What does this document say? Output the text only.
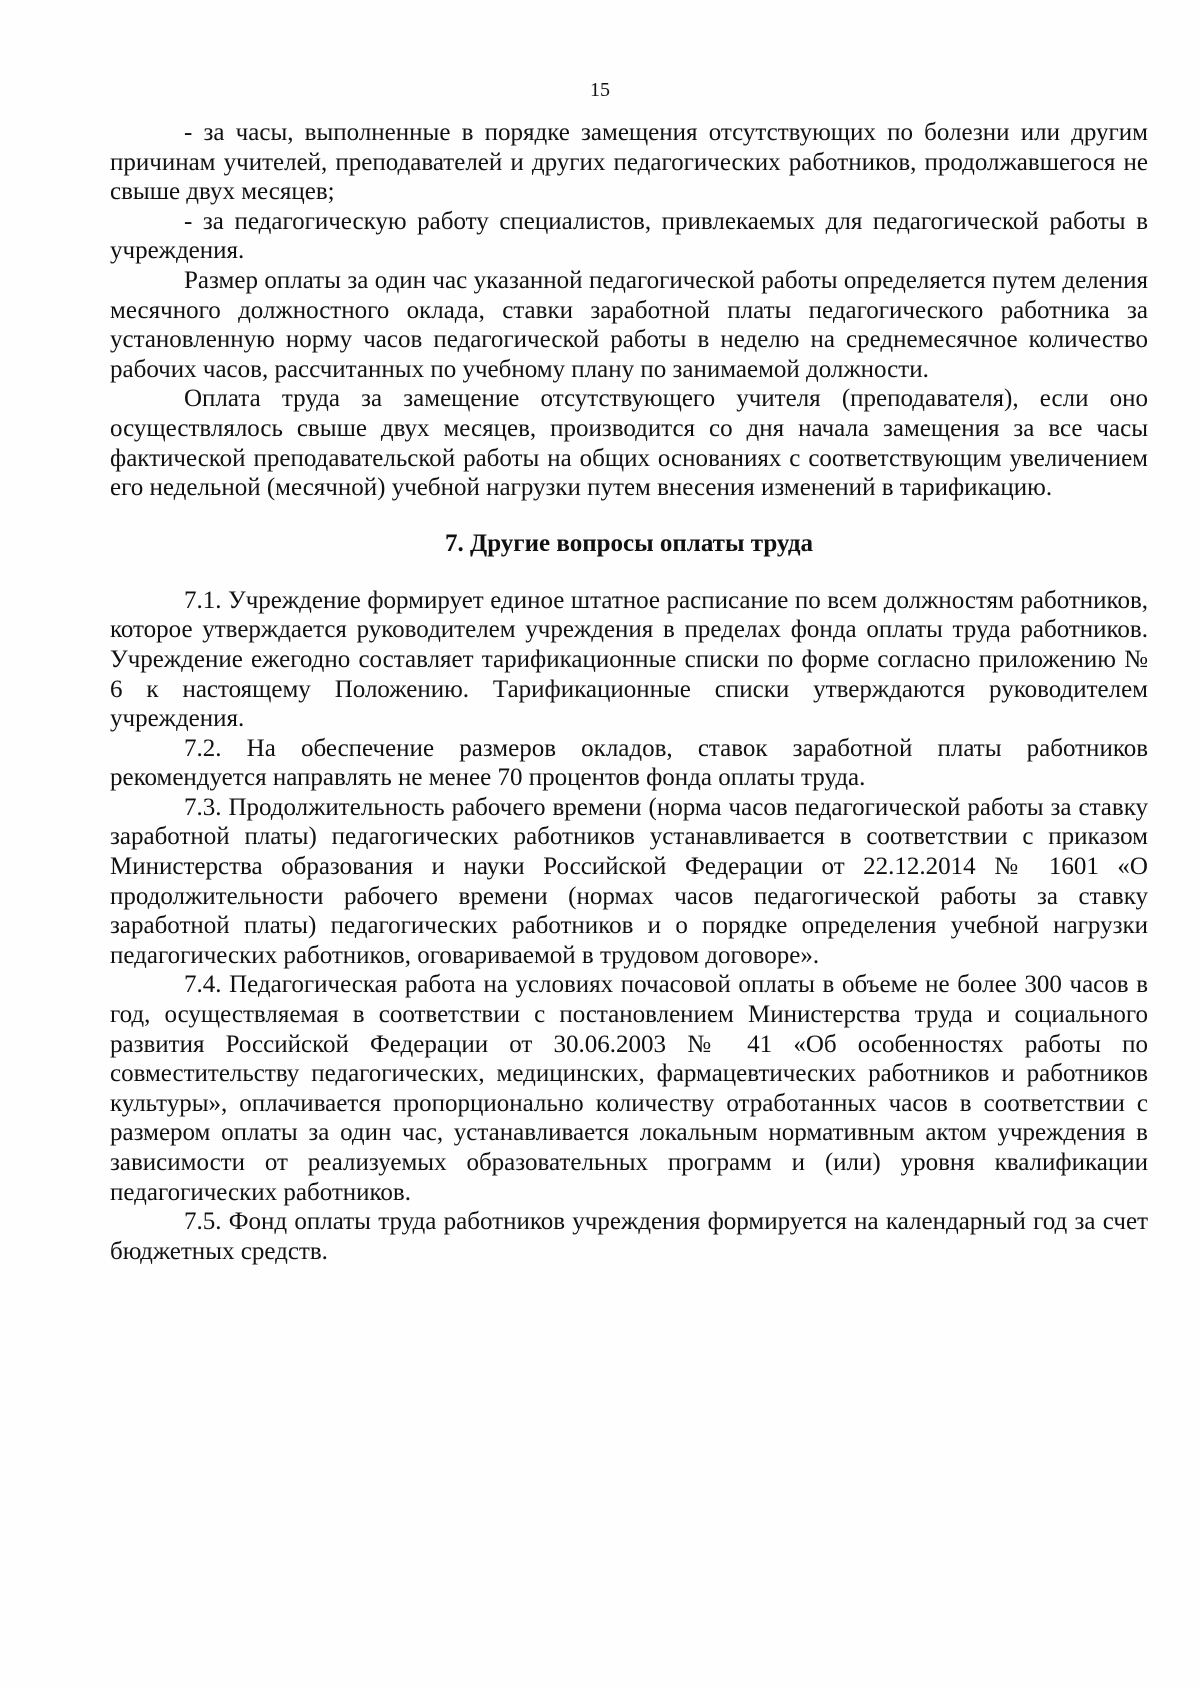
15

- за часы, выполненные в порядке замещения отсутствующих по болезни или другим причинам учителей, преподавателей и других педагогических работников, продолжавшегося не свыше двух месяцев;

- за педагогическую работу специалистов, привлекаемых для педагогической работы в учреждения.

Размер оплаты за один час указанной педагогической работы определяется путем деления месячного должностного оклада, ставки заработной платы педагогического работника за установленную норму часов педагогической работы в неделю на среднемесячное количество рабочих часов, рассчитанных по учебному плану по занимаемой должности.

Оплата труда за замещение отсутствующего учителя (преподавателя), если оно осуществлялось свыше двух месяцев, производится со дня начала замещения за все часы фактической преподавательской работы на общих основаниях с соответствующим увеличением его недельной (месячной) учебной нагрузки путем внесения изменений в тарификацию.

7. Другие вопросы оплаты труда

7.1. Учреждение формирует единое штатное расписание по всем должностям работников, которое утверждается руководителем учреждения в пределах фонда оплаты труда работников. Учреждение ежегодно составляет тарификационные списки по форме согласно приложению № 6 к настоящему Положению. Тарификационные списки утверждаются руководителем учреждения.

7.2. На обеспечение размеров окладов, ставок заработной платы работников рекомендуется направлять не менее 70 процентов фонда оплаты труда.

7.3. Продолжительность рабочего времени (норма часов педагогической работы за ставку заработной платы) педагогических работников устанавливается в соответствии с приказом Министерства образования и науки Российской Федерации от 22.12.2014 № 1601 «О продолжительности рабочего времени (нормах часов педагогической работы за ставку заработной платы) педагогических работников и о порядке определения учебной нагрузки педагогических работников, оговариваемой в трудовом договоре».

7.4. Педагогическая работа на условиях почасовой оплаты в объеме не более 300 часов в год, осуществляемая в соответствии с постановлением Министерства труда и социального развития Российской Федерации от 30.06.2003 № 41 «Об особенностях работы по совместительству педагогических, медицинских, фармацевтических работников и работников культуры», оплачивается пропорционально количеству отработанных часов в соответствии с размером оплаты за один час, устанавливается локальным нормативным актом учреждения в зависимости от реализуемых образовательных программ и (или) уровня квалификации педагогических работников.

7.5. Фонд оплаты труда работников учреждения формируется на календарный год за счет бюджетных средств.
